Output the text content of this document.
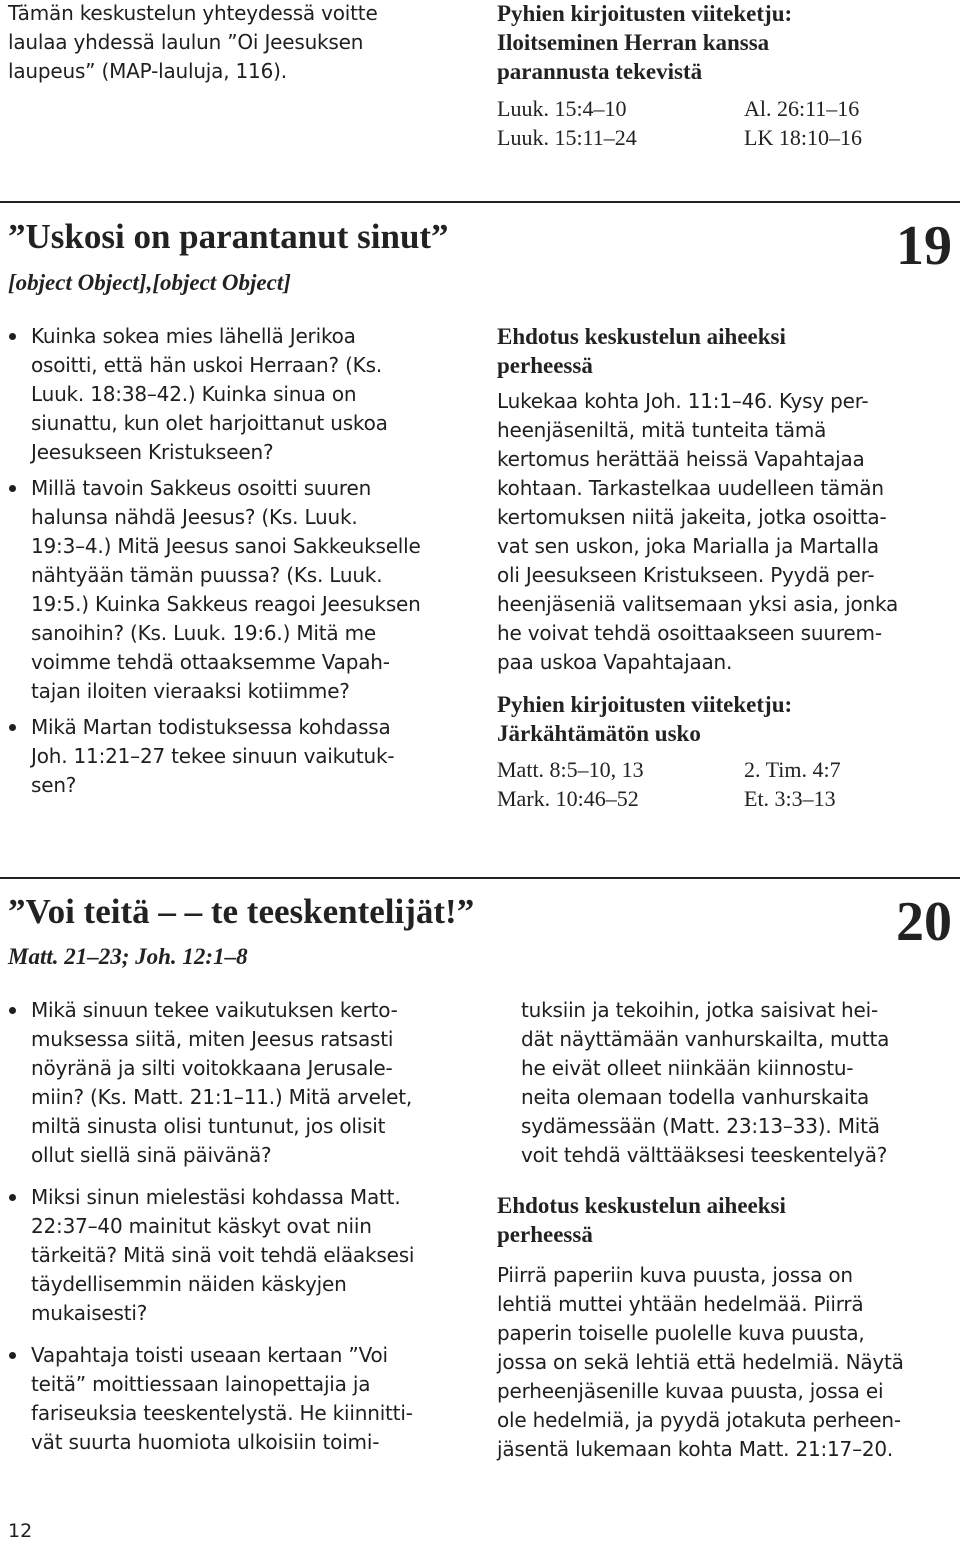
Tämän keskustelun yhteydessä voitte
laulaa yhdessä laulun ”Oi Jeesuksen
laupeus” (MAP-lauluja, 116).
Pyhien kirjoitusten viiteketju:
Iloitseminen Herran kanssa
parannusta tekevistä
Luuk. 15:4–10	Al. 26:11–16
Luuk. 15:11–24	LK 18:10–16
”Uskosi on parantanut sinut”
[object Object],[object Object]
19
Kuinka sokea mies lähellä Jerikoa
osoitti, että hän uskoi Herraan? (Ks.
Luuk. 18:38–42.) Kuinka sinua on
siunattu, kun olet harjoittanut uskoa
Jeesukseen Kristukseen?
Millä tavoin Sakkeus osoitti suuren
halunsa nähdä Jeesus? (Ks. Luuk.
19:3–4.) Mitä Jeesus sanoi Sakkeukselle
nähtyään tämän puussa? (Ks. Luuk.
19:5.) Kuinka Sakkeus reagoi Jeesuksen
sanoihin? (Ks. Luuk. 19:6.) Mitä me
voimme tehdä ottaaksemme Vapah-
tajan iloiten vieraaksi kotiimme?
Mikä Martan todistuksessa kohdassa
Joh. 11:21–27 tekee sinuun vaikutuk-
sen?
Ehdotus keskustelun aiheeksi
perheessä
Lukekaa kohta Joh. 11:1–46. Kysy per-
heenjäseniltä, mitä tunteita tämä
kertomus herättää heissä Vapahtajaa
kohtaan. Tarkastelkaa uudelleen tämän
kertomuksen niitä jakeita, jotka osoitta-
vat sen uskon, joka Marialla ja Martalla
oli Jeesukseen Kristukseen. Pyydä per-
heenjäseniä valitsemaan yksi asia, jonka
he voivat tehdä osoittaakseen suurem-
paa uskoa Vapahtajaan.
Pyhien kirjoitusten viiteketju:
Järkähtämätön usko
Matt. 8:5–10, 13	2. Tim. 4:7
Mark. 10:46–52	Et. 3:3–13
”Voi teitä – – te teeskentelijät!”
Matt. 21–23; Joh. 12:1–8
20
Mikä sinuun tekee vaikutuksen kerto-
muksessa siitä, miten Jeesus ratsasti
nöyränä ja silti voitokkaana Jerusale-
miin? (Ks. Matt. 21:1–11.) Mitä arvelet,
miltä sinusta olisi tuntunut, jos olisit
ollut siellä sinä päivänä?
Miksi sinun mielestäsi kohdassa Matt.
22:37–40 mainitut käskyt ovat niin
tärkeitä? Mitä sinä voit tehdä eläaksesi
täydellisemmin näiden käskyjen
mukaisesti?
Vapahtaja toisti useaan kertaan ”Voi
teitä” moittiessaan lainopettajia ja
fariseuksia teeskentelystä. He kiinnitti-
vät suurta huomiota ulkoisiin toimi-
tuksiin ja tekoihin, jotka saisivat hei-
dät näyttämään vanhurskailta, mutta
he eivät olleet niinkään kiinnostu-
neita olemaan todella vanhurskaita
sydämessään (Matt. 23:13–33). Mitä
voit tehdä välttääksesi teeskentelyä?
Ehdotus keskustelun aiheeksi
perheessä
Piirrä paperiin kuva puusta, jossa on
lehtiä muttei yhtään hedelmää. Piirrä
paperin toiselle puolelle kuva puusta,
jossa on sekä lehtiä että hedelmiä. Näytä
perheenjäsenille kuvaa puusta, jossa ei
ole hedelmiä, ja pyydä jotakuta perheen-
jäsentä lukemaan kohta Matt. 21:17–20.
12
